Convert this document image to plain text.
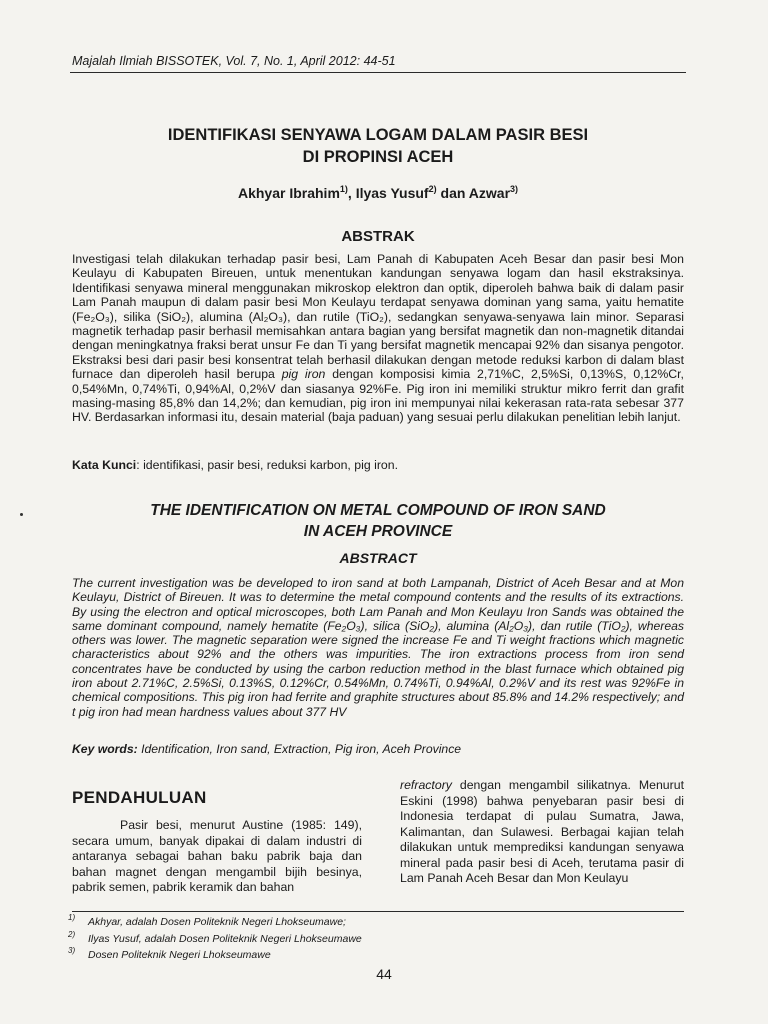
Majalah Ilmiah BISSOTEK, Vol. 7, No. 1, April 2012: 44-51
IDENTIFIKASI SENYAWA LOGAM DALAM PASIR BESI
DI PROPINSI ACEH
Akhyar Ibrahim$^{1)}$, Ilyas Yusuf$^{2)}$ dan Azwar$^{3)}$
ABSTRAK

Investigasi telah dilakukan terhadap pasir besi, Lam Panah di Kabupaten Aceh Besar dan pasir besi Mon Keulayu di Kabupaten Bireuen, untuk menentukan kandungan senyawa logam dan hasil ekstraksinya. Identifikasi senyawa mineral menggunakan mikroskop elektron dan optik, diperoleh bahwa baik di dalam pasir Lam Panah maupun di dalam pasir besi Mon Keulayu terdapat senyawa dominan yang sama, yaitu hematite (Fe₂O₃), silika (SiO₂), alumina (Al₂O₃), dan rutile (TiO₂), sedangkan senyawa-senyawa lain minor. Separasi magnetik terhadap pasir berhasil memisahkan antara bagian yang bersifat magnetik dan non-magnetik ditandai dengan meningkatnya fraksi berat unsur Fe dan Ti yang bersifat magnetik mencapai 92% dan sisanya pengotor. Ekstraksi besi dari pasir besi konsentrat telah berhasil dilakukan dengan metode reduksi karbon di dalam blast furnace dan diperoleh hasil berupa pig iron dengan komposisi kimia 2,71%C, 2,5%Si, 0,13%S, 0,12%Cr, 0,54%Mn, 0,74%Ti, 0,94%Al, 0,2%V dan siasanya 92%Fe. Pig iron ini memiliki struktur mikro ferrit dan grafit masing-masing 85,8% dan 14,2%; dan kemudian, pig iron ini mempunyai nilai kekerasan rata-rata sebesar 377 HV. Berdasarkan informasi itu, desain material (baja paduan) yang sesuai perlu dilakukan penelitian lebih lanjut.

Kata Kunci: identifikasi, pasir besi, reduksi karbon, pig iron.
THE IDENTIFICATION ON METAL COMPOUND OF IRON SAND
IN ACEH PROVINCE
ABSTRACT

The current investigation was be developed to iron sand at both Lampanah, District of Aceh Besar and at Mon Keulayu, District of Bireuen. It was to determine the metal compound contents and the results of its extractions. By using the electron and optical microscopes, both Lam Panah and Mon Keulayu Iron Sands was obtained the same dominant compound, namely hematite (Fe₂O₃), silica (SiO₂), alumina (Al₂O₃), dan rutile (TiO₂), whereas others was lower. The magnetic separation were signed the increase Fe and Ti weight fractions which magnetic characteristics about 92% and the others was impurities. The iron extractions process from iron send concentrates have be conducted by using the carbon reduction method in the blast furnace which obtained pig iron about 2.71%C, 2.5%Si, 0.13%S, 0.12%Cr, 0.54%Mn, 0.74%Ti, 0.94%Al, 0.2%V and its rest was 92%Fe in chemical compositions. This pig iron had ferrite and graphite structures about 85.8% and 14.2% respectively; and t pig iron had mean hardness values about 377 HV

Key words: Identification, Iron sand, Extraction, Pig iron, Aceh Province
PENDAHULUAN

Pasir besi, menurut Austine (1985: 149), secara umum, banyak dipakai di dalam industri di antaranya sebagai bahan baku pabrik baja dan bahan magnet dengan mengambil bijih besinya, pabrik semen, pabrik keramik dan bahan

refractory dengan mengambil silikatnya. Menurut Eskini (1998) bahwa penyebaran pasir besi di Indonesia terdapat di pulau Sumatra, Jawa, Kalimantan, dan Sulawesi. Berbagai kajian telah dilakukan untuk memprediksi kandungan senyawa mineral pada pasir besi di Aceh, terutama pasir di Lam Panah Aceh Besar dan Mon Keulayu

1) Akhyar, adalah Dosen Politeknik Negeri Lhokseumawe;
2) Ilyas Yusuf, adalah Dosen Politeknik Negeri Lhokseumawe
3) Dosen Politeknik Negeri Lhokseumawe
44
